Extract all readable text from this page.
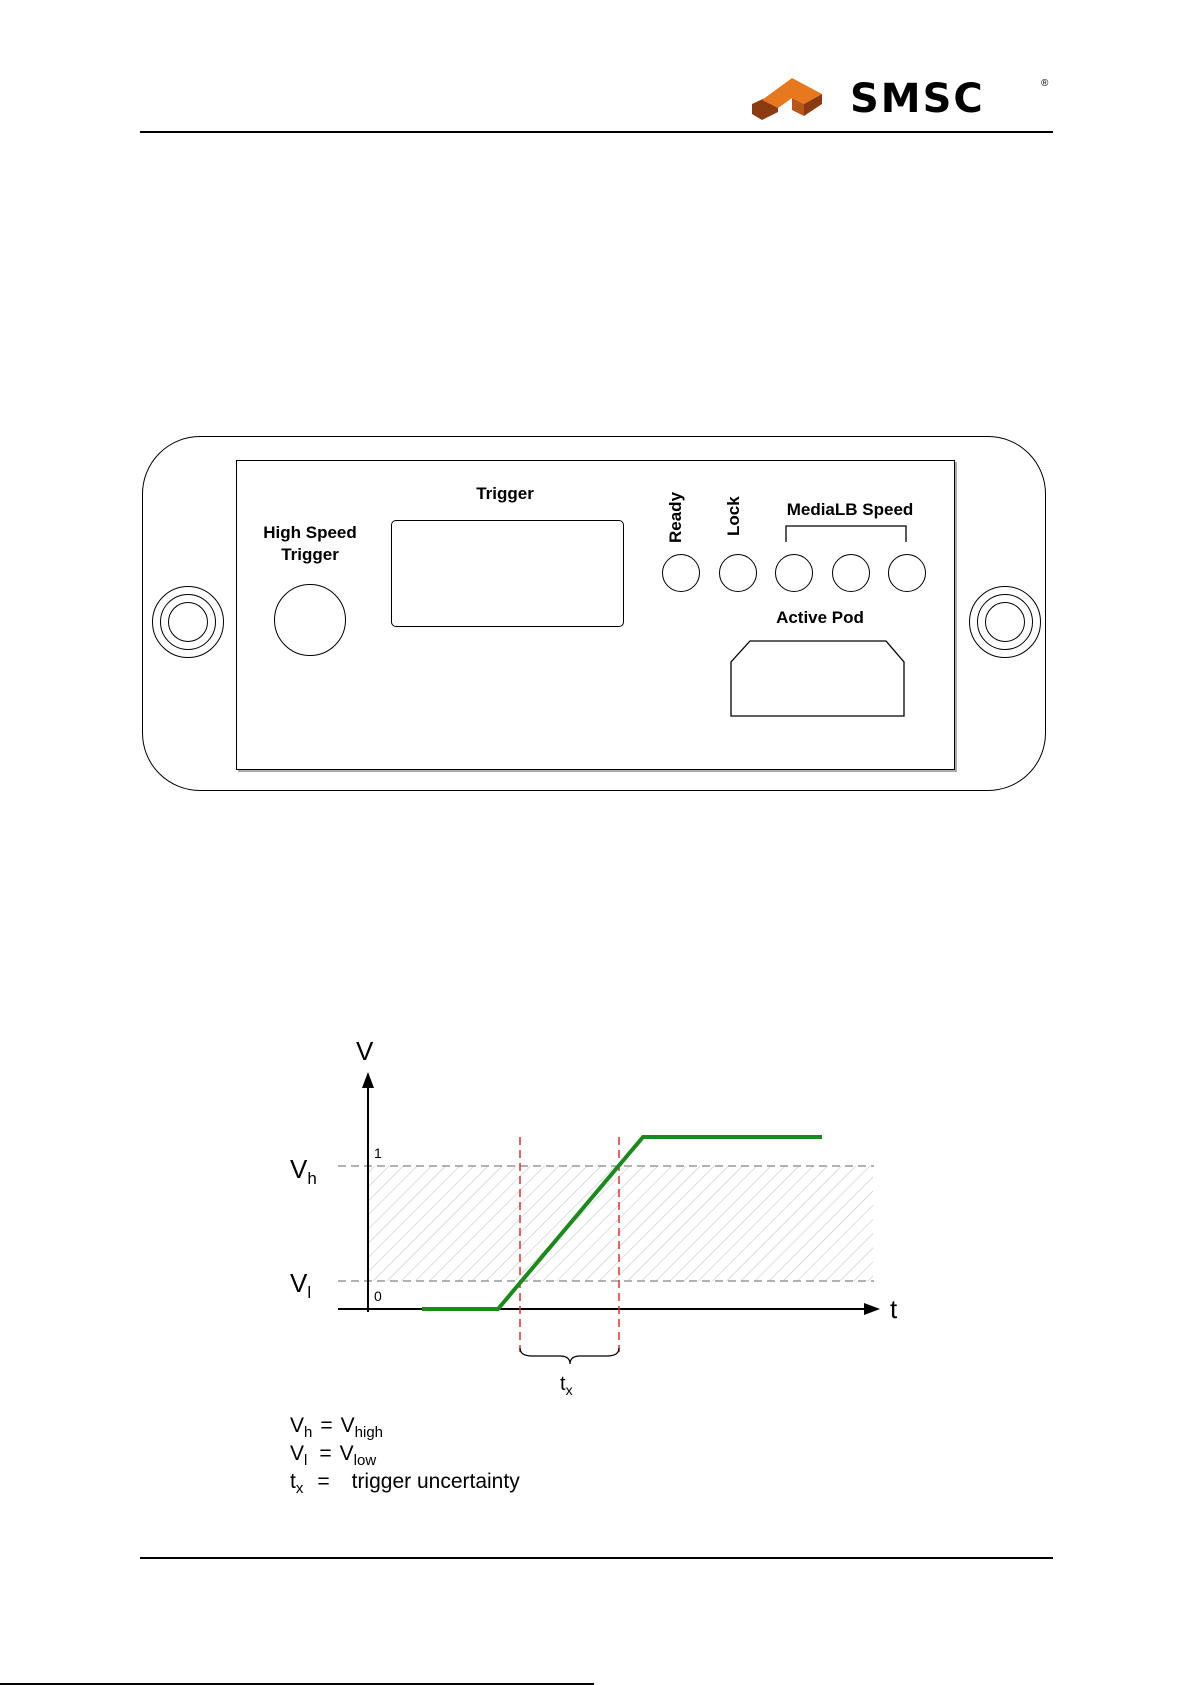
SMSC	®
High Speed
Trigger
Trigger	Ready Lock	MediaLB Speed
Active Pod
V
t
1
0
$V_h$
$V_l$
$t_x$
$V_h = V_{high}$
$V_l = V_{low}$
$t_x$ = trigger uncertainty
